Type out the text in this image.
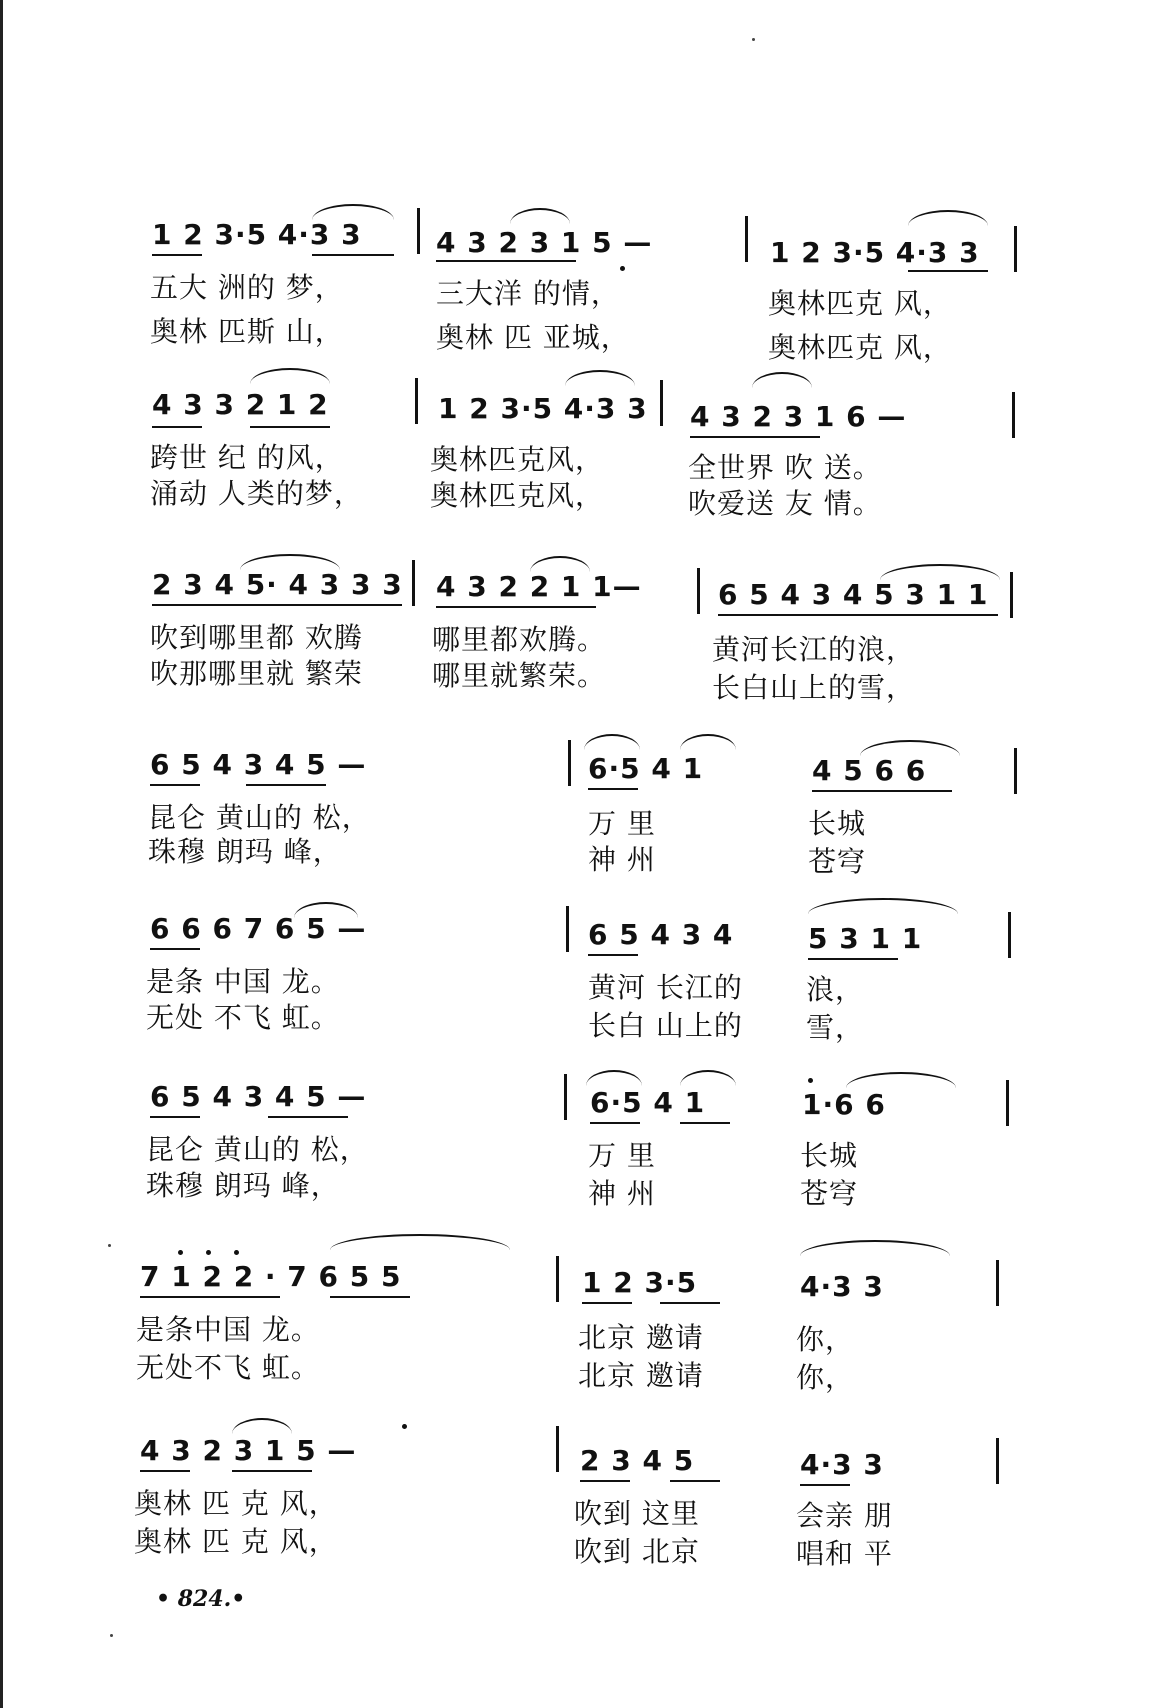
1 2 3·5 4·3 3	4 3 2 3 1 5 —	1 2 3·5 4·3 3
五大 洲的 梦，	三大洋 的情，	奥林匹克 风，
奥林 匹斯 山，	奥林 匹 亚城，	奥林匹克 风，
4 3 3 2 1 2	1 2 3·5 4·3 3 4 3 2 3 1 6 —
跨世 纪 的风，	奥林匹克风，	全世界 吹 送。
涌动 人类的梦， 奥林匹克风，	吹爱送 友 情。
2 3 4 5· 4 3 3 3 4 3 2 2 1 1—	6 5 4 3 4 5 3 1 1
吹到哪里都 欢腾 哪里都欢腾。	黄河长江的浪，
吹那哪里就 繁荣 哪里就繁荣。	长白山上的雪，
6 5 4 3 4 5 —	6·5 4 1	4 5 6 6
昆仑 黄山的 松，	万 里	长城
珠穆 朗玛 峰，	神 州	苍穹
6 6 6 7 6 5 —	6 5 4 3 4	5 3 1 1
是条 中国 龙。	黄河 长江的 浪，
无处 不飞 虹。	长白 山上的 雪，
6 5 4 3 4 5 —	6·5 4 1	1·6 6
昆仑 黄山的 松，	万 里	长城
珠穆 朗玛 峰，	神 州	苍穹
7 1 2 2 · 7 6 5 5	1 2 3·5	4·3 3
是条中国 龙。	北京 邀请	你，
无处不飞 虹。	北京 邀请	你，
4 3 2 3 1 5 —	2 3 4 5	4·3 3
奥林 匹 克 风，	吹到 这里	会亲 朋
奥林 匹 克 风，	吹到 北京	唱和 平
• 824.•
